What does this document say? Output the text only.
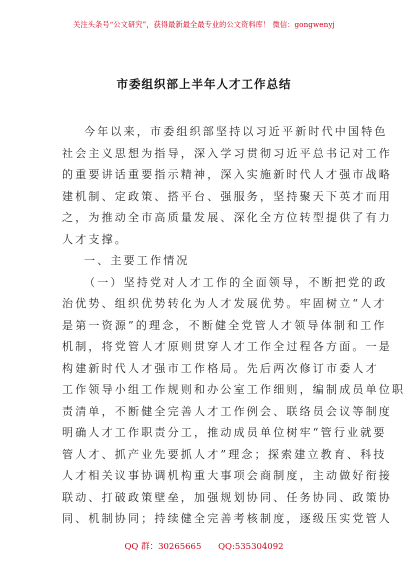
关注头条号“公文研究”，获得最新最全最专业的公文资料库！ 微信：gongwenyj
市委组织部上半年人才工作总结
今年以来，市委组织部坚持以习近平新时代中国特色
社会主义思想为指导，深入学习贯彻习近平总书记对工作
的重要讲话重要指示精神，深入实施新时代人才强市战略
建机制、定政策、搭平台、强服务，坚持聚天下英才而用
之，为推动全市高质量发展、深化全方位转型提供了有力
人才支撑。
一、主要工作情况
（一）坚持党对人才工作的全面领导，不断把党的政
治优势、组织优势转化为人才发展优势。牢固树立“人才
是第一资源”的理念，不断健全党管人才领导体制和工作
机制，将党管人才原则贯穿人才工作全过程各方面。一是
构建新时代人才强市工作格局。先后两次修订市委人才
工作领导小组工作规则和办公室工作细则，编制成员单位职
责清单，不断健全完善人才工作例会、联络员会议等制度
明确人才工作职责分工，推动成员单位树牢“管行业就要
管人才、抓产业先要抓人才”理念；探索建立教育、科技
人才相关议事协调机构重大事项会商制度，主动做好衔接
联动、打破政策壁垒，加强规划协同、任务协同、政策协
同、机制协同；持续健全完善考核制度，逐级压实党管人
QQ 群：30265665 QQ:535304092
